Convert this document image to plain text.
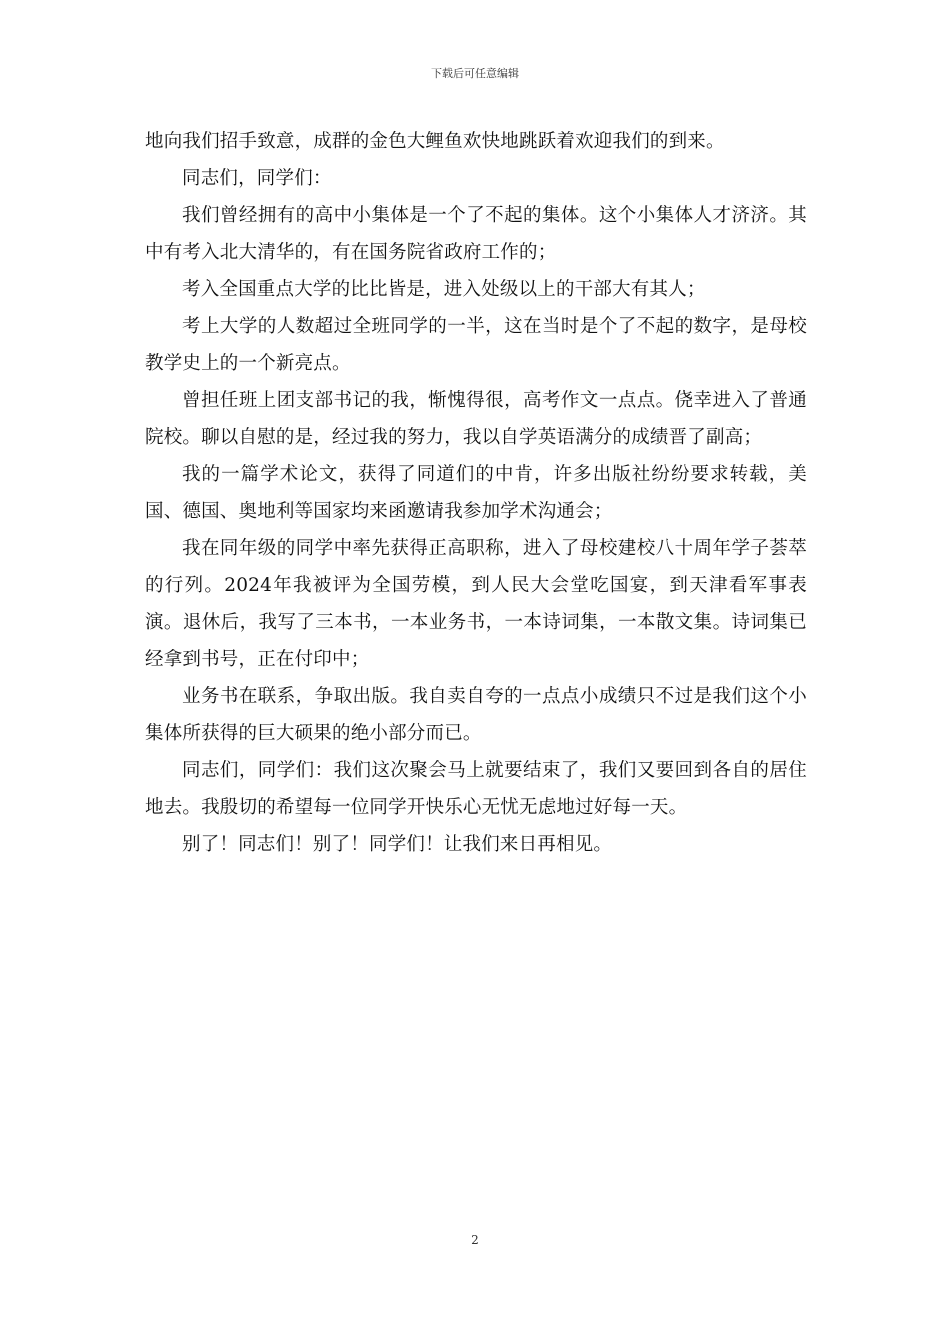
下载后可任意编辑

地向我们招手致意，成群的金色大鲤鱼欢快地跳跃着欢迎我们的到来。

同志们，同学们：

我们曾经拥有的高中小集体是一个了不起的集体。这个小集体人才济济。其中有考入北大清华的，有在国务院省政府工作的；

考入全国重点大学的比比皆是，进入处级以上的干部大有其人；

考上大学的人数超过全班同学的一半，这在当时是个了不起的数字，是母校教学史上的一个新亮点。

曾担任班上团支部书记的我，惭愧得很，高考作文一点点。侥幸进入了普通院校。聊以自慰的是，经过我的努力，我以自学英语满分的成绩晋了副高；

我的一篇学术论文，获得了同道们的中肯，许多出版社纷纷要求转载，美国、德国、奥地利等国家均来函邀请我参加学术沟通会；

我在同年级的同学中率先获得正高职称，进入了母校建校八十周年学子荟萃的行列。2024年我被评为全国劳模，到人民大会堂吃国宴，到天津看军事表演。退休后，我写了三本书，一本业务书，一本诗词集，一本散文集。诗词集已经拿到书号，正在付印中；

业务书在联系，争取出版。我自卖自夸的一点点小成绩只不过是我们这个小集体所获得的巨大硕果的绝小部分而已。

同志们，同学们：我们这次聚会马上就要结束了，我们又要回到各自的居住地去。我殷切的希望每一位同学开快乐心无忧无虑地过好每一天。

别了！同志们！别了！同学们！让我们来日再相见。

2
